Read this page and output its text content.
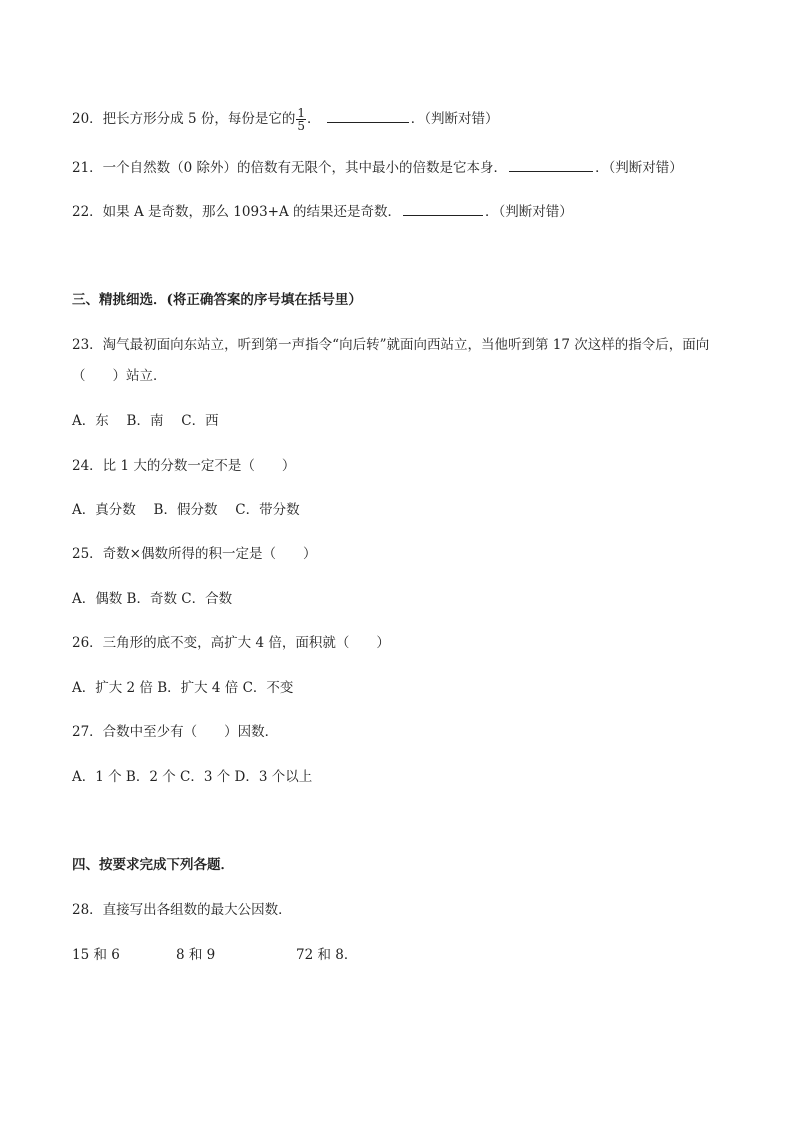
20．把长方形分成 5 份，每份是它的 $\frac{1}{5}$ ．	．（判断对错）
21．一个自然数（0 除外）的倍数有无限个，其中最小的倍数是它本身．	．（判断对错）
22．如果 A 是奇数，那么 1093+A 的结果还是奇数．	．（判断对错）
三、精挑细选．(将正确答案的序号填在括号里）
23．淘气最初面向东站立，听到第一声指令“向后转”就面向西站立，当他听到第 17 次这样的指令后，面向
（　　）站立．
A．东　 B．南　 C．西
24．比 1 大的分数一定不是（　　）
A．真分数　 B．假分数　 C．带分数
25．奇数×偶数所得的积一定是（　　）
A．偶数 B．奇数 C．合数
26．三角形的底不变，高扩大 4 倍，面积就（　　）
A．扩大 2 倍 B．扩大 4 倍 C．不变
27．合数中至少有（　　）因数．
A．1 个 B．2 个 C．3 个 D．3 个以上
四、按要求完成下列各题．
28．直接写出各组数的最大公因数．
15 和 6	8 和 9	72 和 8．
